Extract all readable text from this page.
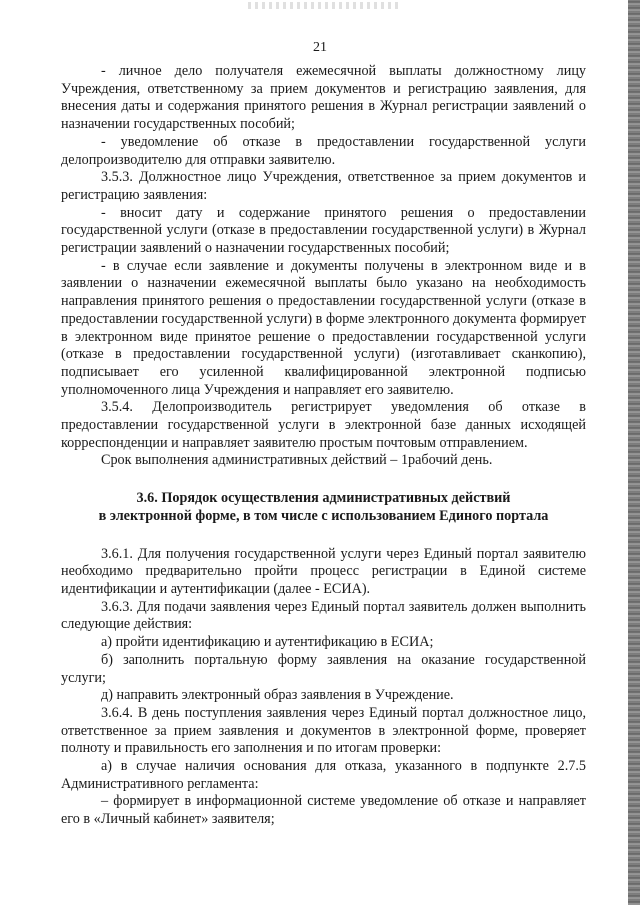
21

- личное дело получателя ежемесячной выплаты должностному лицу Учреждения, ответственному за прием документов и регистрацию заявления, для внесения даты и содержания принятого решения в Журнал регистрации заявлений о назначении государственных пособий;

- уведомление об отказе в предоставлении государственной услуги делопроизводителю для отправки заявителю.

3.5.3. Должностное лицо Учреждения, ответственное за прием документов и регистрацию заявления:

- вносит дату и содержание принятого решения о предоставлении государственной услуги (отказе в предоставлении государственной услуги) в Журнал регистрации заявлений о назначении государственных пособий;

- в случае если заявление и документы получены в электронном виде и в заявлении о назначении ежемесячной выплаты было указано на необходимость направления принятого решения о предоставлении государственной услуги (отказе в предоставлении государственной услуги) в форме электронного документа формирует в электронном виде принятое решение о предоставлении государственной услуги (отказе в предоставлении государственной услуги) (изготавливает сканкопию), подписывает его усиленной квалифицированной электронной подписью уполномоченного лица Учреждения и направляет его заявителю.

3.5.4. Делопроизводитель регистрирует уведомления об отказе в предоставлении государственной услуги в электронной базе данных исходящей корреспонденции и направляет заявителю простым почтовым отправлением.

Срок выполнения административных действий – 1рабочий день.

3.6. Порядок осуществления административных действий
в электронной форме, в том числе с использованием Единого портала

3.6.1. Для получения государственной услуги через Единый портал заявителю необходимо предварительно пройти процесс регистрации в Единой системе идентификации и аутентификации (далее - ЕСИА).

3.6.3. Для подачи заявления через Единый портал заявитель должен выполнить следующие действия:

а) пройти идентификацию и аутентификацию в ЕСИА;

б) заполнить портальную форму заявления на оказание государственной услуги;

д) направить электронный образ заявления в Учреждение.

3.6.4. В день поступления заявления через Единый портал должностное лицо, ответственное за прием заявления и документов в электронной форме, проверяет полноту и правильность его заполнения и по итогам проверки:

а) в случае наличия основания для отказа, указанного в подпункте 2.7.5 Административного регламента:

– формирует в информационной системе уведомление об отказе и направляет его в «Личный кабинет» заявителя;
